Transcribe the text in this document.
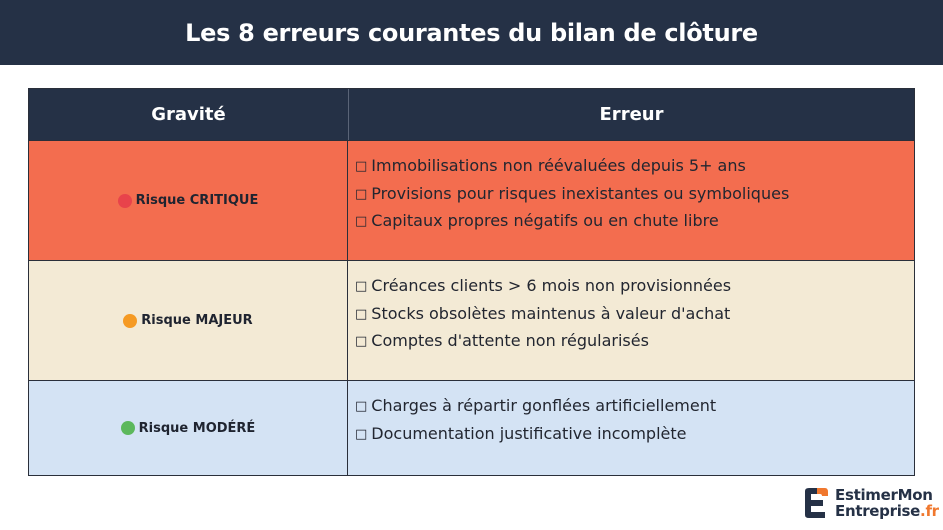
Les 8 erreurs courantes du bilan de clôture
Gravité	Erreur
Risque CRITIQUE
□ Immobilisations non réévaluées depuis 5+ ans
□ Provisions pour risques inexistantes ou symboliques
□ Capitaux propres négatifs ou en chute libre
Risque MAJEUR
□ Créances clients > 6 mois non provisionnées
□ Stocks obsolètes maintenus à valeur d'achat
□ Comptes d'attente non régularisés
Risque MODÉRÉ
□ Charges à répartir gonflées artificiellement
□ Documentation justificative incomplète
EstimerMon
Entreprise.fr
